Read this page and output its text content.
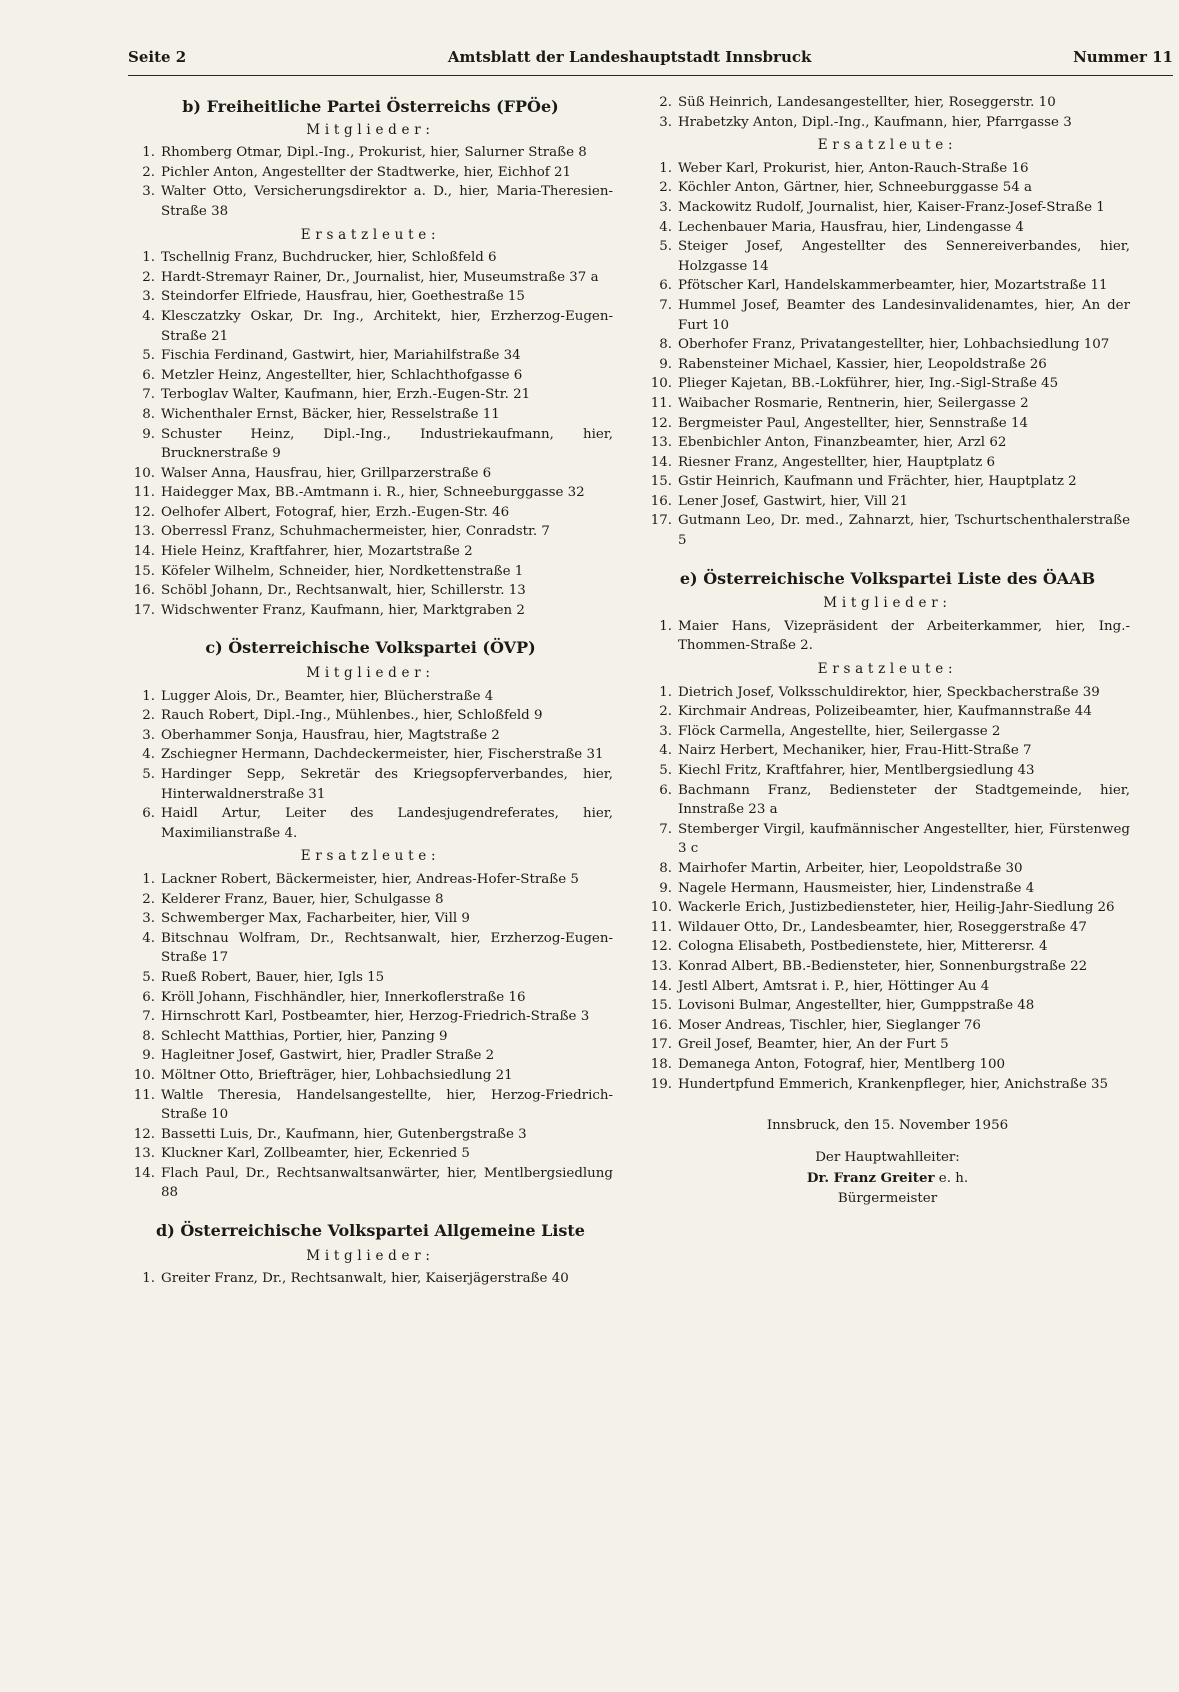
Seite 2	Amtsblatt der Landeshauptstadt Innsbruck	Nummer 11
b) Freiheitliche Partei Österreichs (FPÖe)
Mitglieder:
1. Rhomberg Otmar, Dipl.-Ing., Prokurist, hier, Salurner Straße 8
2. Pichler Anton, Angestellter der Stadtwerke, hier, Eichhof 21
3. Walter Otto, Versicherungsdirektor a. D., hier, Maria-Theresien-Straße 38
Ersatzleute:
1. Tschellnig Franz, Buchdrucker, hier, Schloßfeld 6
2. Hardt-Stremayr Rainer, Dr., Journalist, hier, Museumstraße 37 a
3. Steindorfer Elfriede, Hausfrau, hier, Goethestraße 15
4. Klesczatzky Oskar, Dr. Ing., Architekt, hier, Erzherzog-Eugen-Straße 21
5. Fischia Ferdinand, Gastwirt, hier, Mariahilfstraße 34
6. Metzler Heinz, Angestellter, hier, Schlachthofgasse 6
7. Terboglav Walter, Kaufmann, hier, Erzh.-Eugen-Str. 21
8. Wichenthaler Ernst, Bäcker, hier, Resselstraße 11
9. Schuster Heinz, Dipl.-Ing., Industriekaufmann, hier, Brucknerstraße 9
10. Walser Anna, Hausfrau, hier, Grillparzerstraße 6
11. Haidegger Max, BB.-Amtmann i. R., hier, Schneeburggasse 32
12. Oelhofer Albert, Fotograf, hier, Erzh.-Eugen-Str. 46
13. Oberressl Franz, Schuhmachermeister, hier, Conradstr. 7
14. Hiele Heinz, Kraftfahrer, hier, Mozartstraße 2
15. Köfeler Wilhelm, Schneider, hier, Nordkettenstraße 1
16. Schöbl Johann, Dr., Rechtsanwalt, hier, Schillerstr. 13
17. Widschwenter Franz, Kaufmann, hier, Marktgraben 2
c) Österreichische Volkspartei (ÖVP)
Mitglieder:
1. Lugger Alois, Dr., Beamter, hier, Blücherstraße 4
2. Rauch Robert, Dipl.-Ing., Mühlenbes., hier, Schloßfeld 9
3. Oberhammer Sonja, Hausfrau, hier, Magtstraße 2
4. Zschiegner Hermann, Dachdeckermeister, hier, Fischerstraße 31
5. Hardinger Sepp, Sekretär des Kriegsopferverbandes, hier, Hinterwaldnerstraße 31
6. Haidl Artur, Leiter des Landesjugendreferates, hier, Maximilianstraße 4.
Ersatzleute:
1. Lackner Robert, Bäckermeister, hier, Andreas-Hofer-Straße 5
2. Kelderer Franz, Bauer, hier, Schulgasse 8
3. Schwemberger Max, Facharbeiter, hier, Vill 9
4. Bitschnau Wolfram, Dr., Rechtsanwalt, hier, Erzherzog-Eugen-Straße 17
5. Rueß Robert, Bauer, hier, Igls 15
6. Kröll Johann, Fischhändler, hier, Innerkoflerstraße 16
7. Hirnschrott Karl, Postbeamter, hier, Herzog-Friedrich-Straße 3
8. Schlecht Matthias, Portier, hier, Panzing 9
9. Hagleitner Josef, Gastwirt, hier, Pradler Straße 2
10. Möltner Otto, Briefträger, hier, Lohbachsiedlung 21
11. Waltle Theresia, Handelsangestellte, hier, Herzog-Friedrich-Straße 10
12. Bassetti Luis, Dr., Kaufmann, hier, Gutenbergstraße 3
13. Kluckner Karl, Zollbeamter, hier, Eckenried 5
14. Flach Paul, Dr., Rechtsanwaltsanwärter, hier, Mentlbergsiedlung 88
d) Österreichische Volkspartei Allgemeine Liste
Mitglieder:
1. Greiter Franz, Dr., Rechtsanwalt, hier, Kaiserjägerstraße 40
2. Süß Heinrich, Landesangestellter, hier, Roseggerstr. 10
3. Hrabetzky Anton, Dipl.-Ing., Kaufmann, hier, Pfarrgasse 3
Ersatzleute:
1. Weber Karl, Prokurist, hier, Anton-Rauch-Straße 16
2. Köchler Anton, Gärtner, hier, Schneeburggasse 54 a
3. Mackowitz Rudolf, Journalist, hier, Kaiser-Franz-Josef-Straße 1
4. Lechenbauer Maria, Hausfrau, hier, Lindengasse 4
5. Steiger Josef, Angestellter des Sennereiverbandes, hier, Holzgasse 14
6. Pfötscher Karl, Handelskammerbeamter, hier, Mozartstraße 11
7. Hummel Josef, Beamter des Landesinvalidenamtes, hier, An der Furt 10
8. Oberhofer Franz, Privatangestellter, hier, Lohbachsiedlung 107
9. Rabensteiner Michael, Kassier, hier, Leopoldstraße 26
10. Plieger Kajetan, BB.-Lokführer, hier, Ing.-Sigl-Straße 45
11. Waibacher Rosmarie, Rentnerin, hier, Seilergasse 2
12. Bergmeister Paul, Angestellter, hier, Sennstraße 14
13. Ebenbichler Anton, Finanzbeamter, hier, Arzl 62
14. Riesner Franz, Angestellter, hier, Hauptplatz 6
15. Gstir Heinrich, Kaufmann und Frächter, hier, Hauptplatz 2
16. Lener Josef, Gastwirt, hier, Vill 21
17. Gutmann Leo, Dr. med., Zahnarzt, hier, Tschurtschenthalerstraße 5
e) Österreichische Volkspartei Liste des ÖAAB
Mitglieder:
1. Maier Hans, Vizepräsident der Arbeiterkammer, hier, Ing.-Thommen-Straße 2.
Ersatzleute:
1. Dietrich Josef, Volksschuldirektor, hier, Speckbacherstraße 39
2. Kirchmair Andreas, Polizeibeamter, hier, Kaufmannstraße 44
3. Flöck Carmella, Angestellte, hier, Seilergasse 2
4. Nairz Herbert, Mechaniker, hier, Frau-Hitt-Straße 7
5. Kiechl Fritz, Kraftfahrer, hier, Mentlbergsiedlung 43
6. Bachmann Franz, Bediensteter der Stadtgemeinde, hier, Innstraße 23 a
7. Stemberger Virgil, kaufmännischer Angestellter, hier, Fürstenweg 3 c
8. Mairhofer Martin, Arbeiter, hier, Leopoldstraße 30
9. Nagele Hermann, Hausmeister, hier, Lindenstraße 4
10. Wackerle Erich, Justizbediensteter, hier, Heilig-Jahr-Siedlung 26
11. Wildauer Otto, Dr., Landesbeamter, hier, Roseggerstraße 47
12. Cologna Elisabeth, Postbedienstete, hier, Mitterersr. 4
13. Konrad Albert, BB.-Bediensteter, hier, Sonnenburgstraße 22
14. Jestl Albert, Amtsrat i. P., hier, Höttinger Au 4
15. Lovisoni Bulmar, Angestellter, hier, Gumppstraße 48
16. Moser Andreas, Tischler, hier, Sieglanger 76
17. Greil Josef, Beamter, hier, An der Furt 5
18. Demanega Anton, Fotograf, hier, Mentlberg 100
19. Hundertpfund Emmerich, Krankenpfleger, hier, Anichstraße 35
Innsbruck, den 15. November 1956
Der Hauptwahlleiter:
Dr. Franz Greiter e. h.
Bürgermeister
